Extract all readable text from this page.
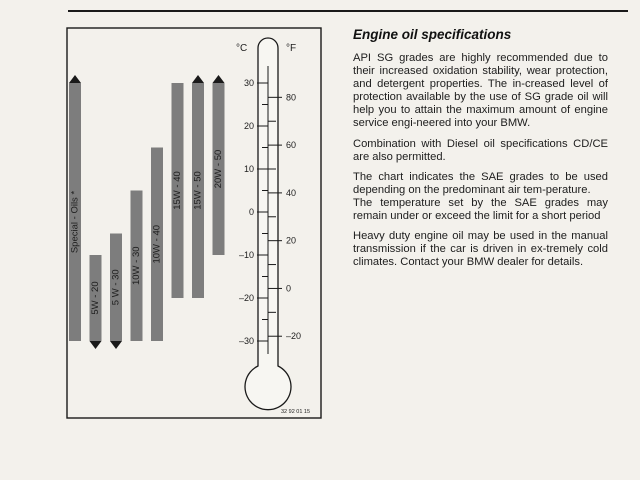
Special - Oils *
5W - 20 5 W - 30
10W - 30
10W - 40
15W - 40 15W - 50
20W - 50
°C	°F
30
20
10
0
–10
–20
–30
80
60
40
20
0
–20
32 92 01 15
Engine oil specifications

API SG grades are highly recommended due to their increased oxidation stability, wear protection, and detergent properties. The in-creased level of protection available by the use of SG grade oil will help you to attain the maximum amount of engine service engi-neered into your BMW.

Combination with Diesel oil specifications CD/CE are also permitted.

The chart indicates the SAE grades to be used depending on the predominant air tem-perature.

The temperature set by the SAE grades may remain under or exceed the limit for a short period

Heavy duty engine oil may be used in the manual transmission if the car is driven in ex-tremely cold climates. Contact your BMW dealer for details.
